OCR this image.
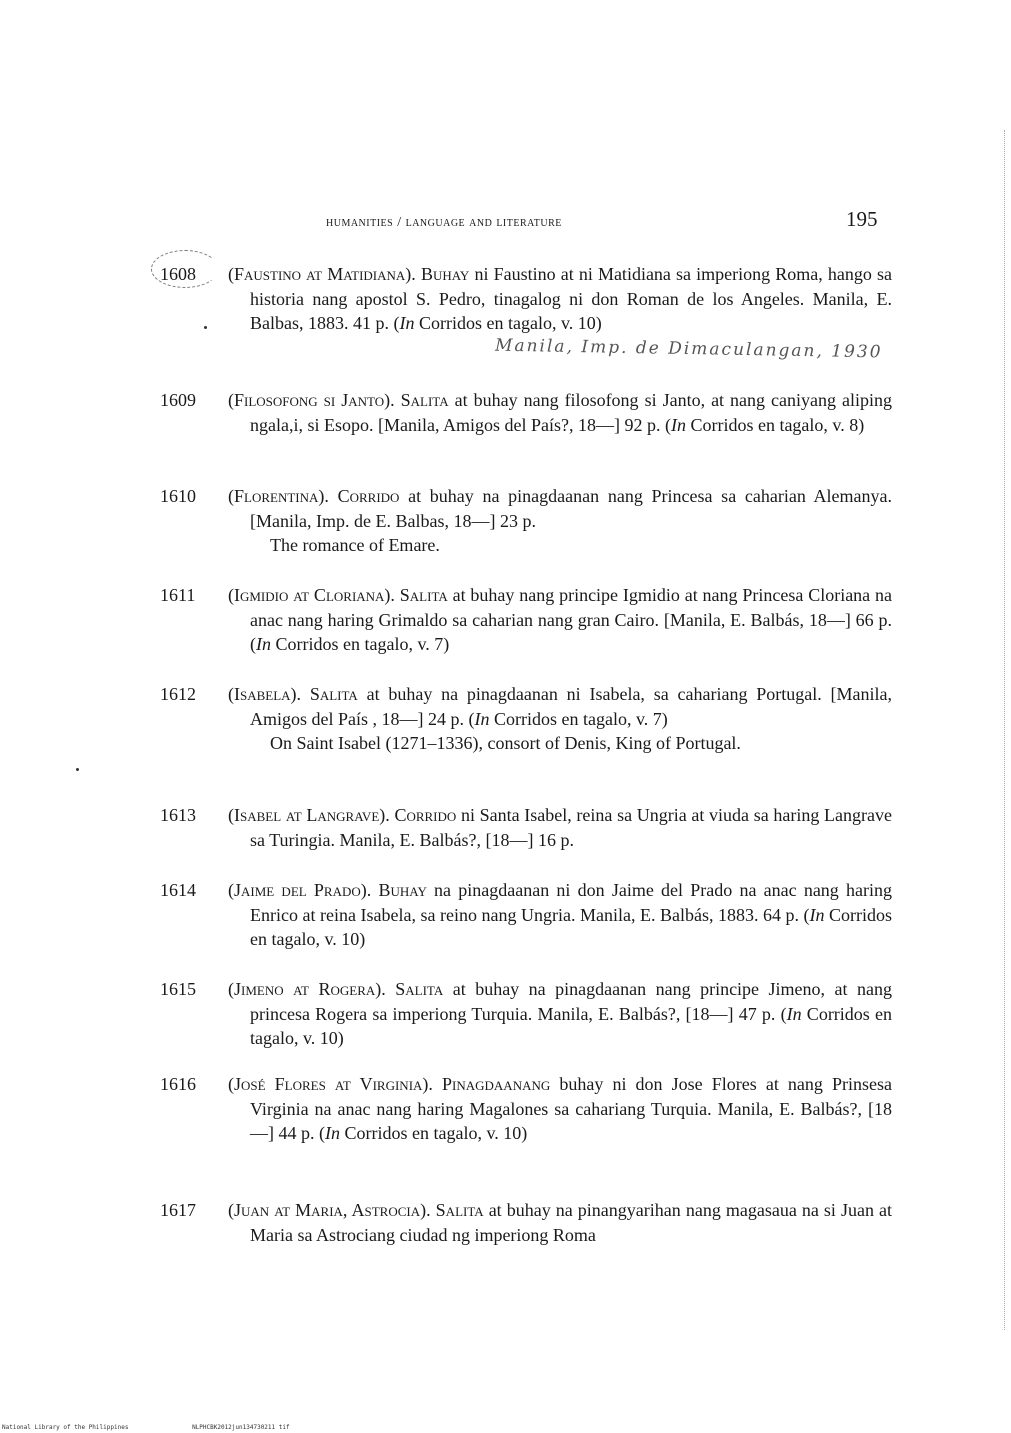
humanities / language and literature	195
Manila, Imp. de Dimaculangan, 1930
1608 (Faustino at Matidiana). Buhay ni Faustino at ni Matidiana sa imperiong Roma, hango sa historia nang apostol S. Pedro, tinagalog ni don Roman de los Angeles. Manila, E. Balbas, 1883. 41 p. (In Corridos en tagalo, v. 10)

1609 (Filosofong si Janto). Salita at buhay nang filosofong si Janto, at nang caniyang aliping ngala,i, si Esopo. [Manila, Amigos del País?, 18—] 92 p. (In Corridos en tagalo, v. 8)

1610 (Florentina). Corrido at buhay na pinagdaanan nang Princesa sa caharian Alemanya. [Manila, Imp. de E. Balbas, 18—] 23 p.

The romance of Emare.

1611 (Igmidio at Cloriana). Salita at buhay nang principe Igmidio at nang Princesa Cloriana na anac nang haring Grimaldo sa caharian nang gran Cairo. [Manila, E. Balbás, 18—] 66 p. (In Corridos en tagalo, v. 7)

1612 (Isabela). Salita at buhay na pinagdaanan ni Isabela, sa cahariang Portugal. [Manila, Amigos del País , 18—] 24 p. (In Corridos en tagalo, v. 7)

On Saint Isabel (1271–1336), consort of Denis, King of Portugal.

1613 (Isabel at Langrave). Corrido ni Santa Isabel, reina sa Ungria at viuda sa haring Langrave sa Turingia. Manila, E. Balbás?, [18—] 16 p.

1614 (Jaime del Prado). Buhay na pinagdaanan ni don Jaime del Prado na anac nang haring Enrico at reina Isabela, sa reino nang Ungria. Manila, E. Balbás, 1883. 64 p. (In Corridos en tagalo, v. 10)

1615 (Jimeno at Rogera). Salita at buhay na pinagdaanan nang principe Jimeno, at nang princesa Rogera sa imperiong Turquia. Manila, E. Balbás?, [18—] 47 p. (In Corridos en tagalo, v. 10)

1616 (José Flores at Virginia). Pinagdaanang buhay ni don Jose Flores at nang Prinsesa Virginia na anac nang haring Magalones sa cahariang Turquia. Manila, E. Balbás?, [18—] 44 p. (In Corridos en tagalo, v. 10)

1617 (Juan at Maria, Astrocia). Salita at buhay na pinangyarihan nang magasaua na si Juan at Maria sa Astrociang ciudad ng imperiong Roma

National Library of the Philippines	NLPHCBK2012jun134730211 tif
